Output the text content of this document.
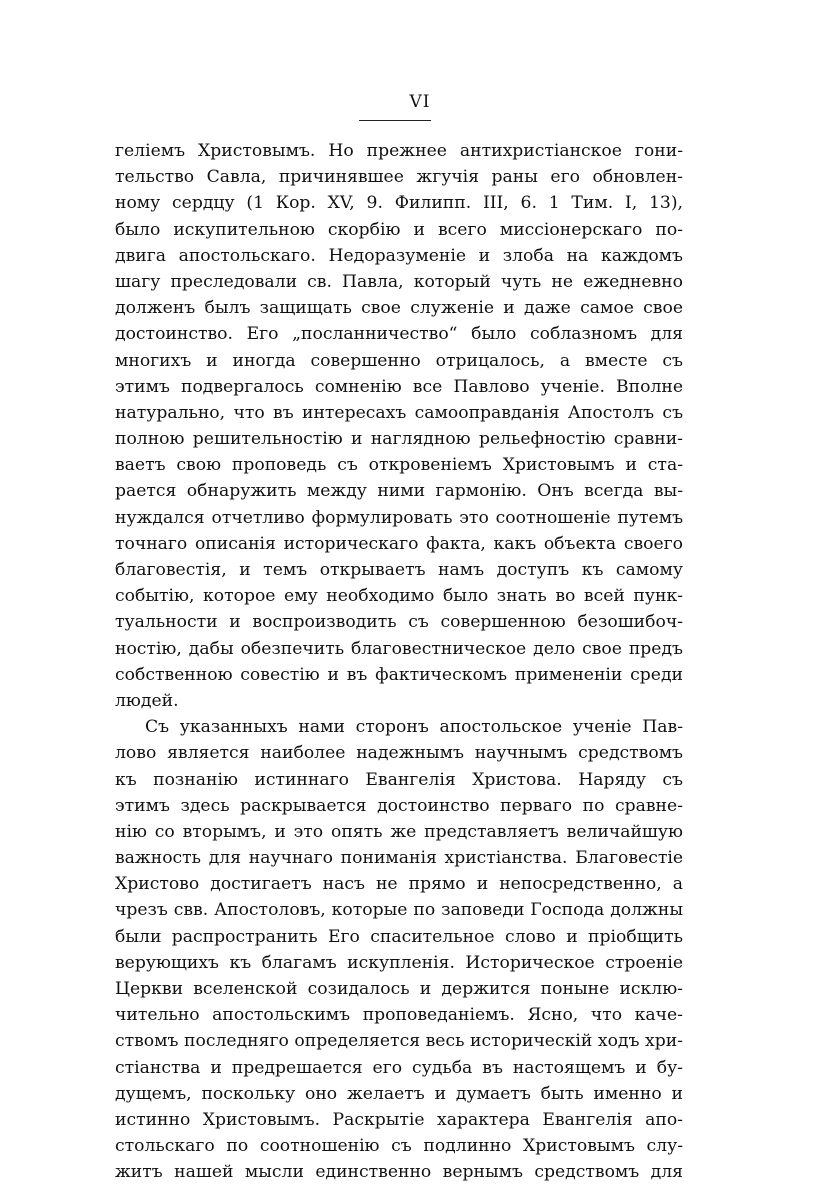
VI
геліемъ Христовымъ. Но прежнее антихристіанское гони-
тельство Савла, причинявшее жгучія раны его обновлен-
ному сердцу (1 Кор. XV, 9. Филипп. III, 6. 1 Тим. I, 13),
было искупительною скорбію и всего миссіонерскаго по-
двига апостольскаго. Недоразуменіе и злоба на каждомъ
шагу преследовали св. Павла, который чуть не ежедневно
долженъ былъ защищать свое служеніе и даже самое свое
достоинство. Его „посланничество“ было соблазномъ для
многихъ и иногда совершенно отрицалось, а вместе съ
этимъ подвергалось сомненію все Павлово ученіе. Вполне
натурально, что въ интересахъ самооправданія Апостолъ съ
полною решительностію и наглядною рельефностію сравни-
ваетъ свою проповедь съ откровеніемъ Христовымъ и ста-
рается обнаружить между ними гармонію. Онъ всегда вы-
нуждался отчетливо формулировать это соотношеніе путемъ
точнаго описанія историческаго факта, какъ объекта своего
благовестія, и темъ открываетъ намъ доступъ къ самому
событію, которое ему необходимо было знать во всей пунк-
туальности и воспроизводить съ совершенною безошибоч-
ностію, дабы обезпечить благовестническое дело свое предъ
собственною совестію и въ фактическомъ примененіи среди
людей.
Съ указанныхъ нами сторонъ апостольское ученіе Пав-
лово является наиболее надежнымъ научнымъ средствомъ
къ познанію истиннаго Евангелія Христова. Наряду съ
этимъ здесь раскрывается достоинство перваго по сравне-
нію со вторымъ, и это опять же представляетъ величайшую
важность для научнаго пониманія христіанства. Благовестіе
Христово достигаетъ насъ не прямо и непосредственно, а
чрезъ свв. Апостоловъ, которые по заповеди Господа должны
были распространить Его спасительное слово и пріобщить
верующихъ къ благамъ искупленія. Историческое строеніе
Церкви вселенской созидалось и держится понынe исклю-
чительно апостольскимъ проповеданіемъ. Ясно, что каче-
ствомъ последняго определяется весь историческій ходъ хри-
стіанства и предрешается его судьба въ настоящемъ и бу-
дущемъ, поскольку оно желаетъ и думаетъ быть именно и
истинно Христовымъ. Раскрытіе характера Евангелія апо-
стольскаго по соотношенію съ подлинно Христовымъ слу-
житъ нашей мысли единственно вернымъ средствомъ для
